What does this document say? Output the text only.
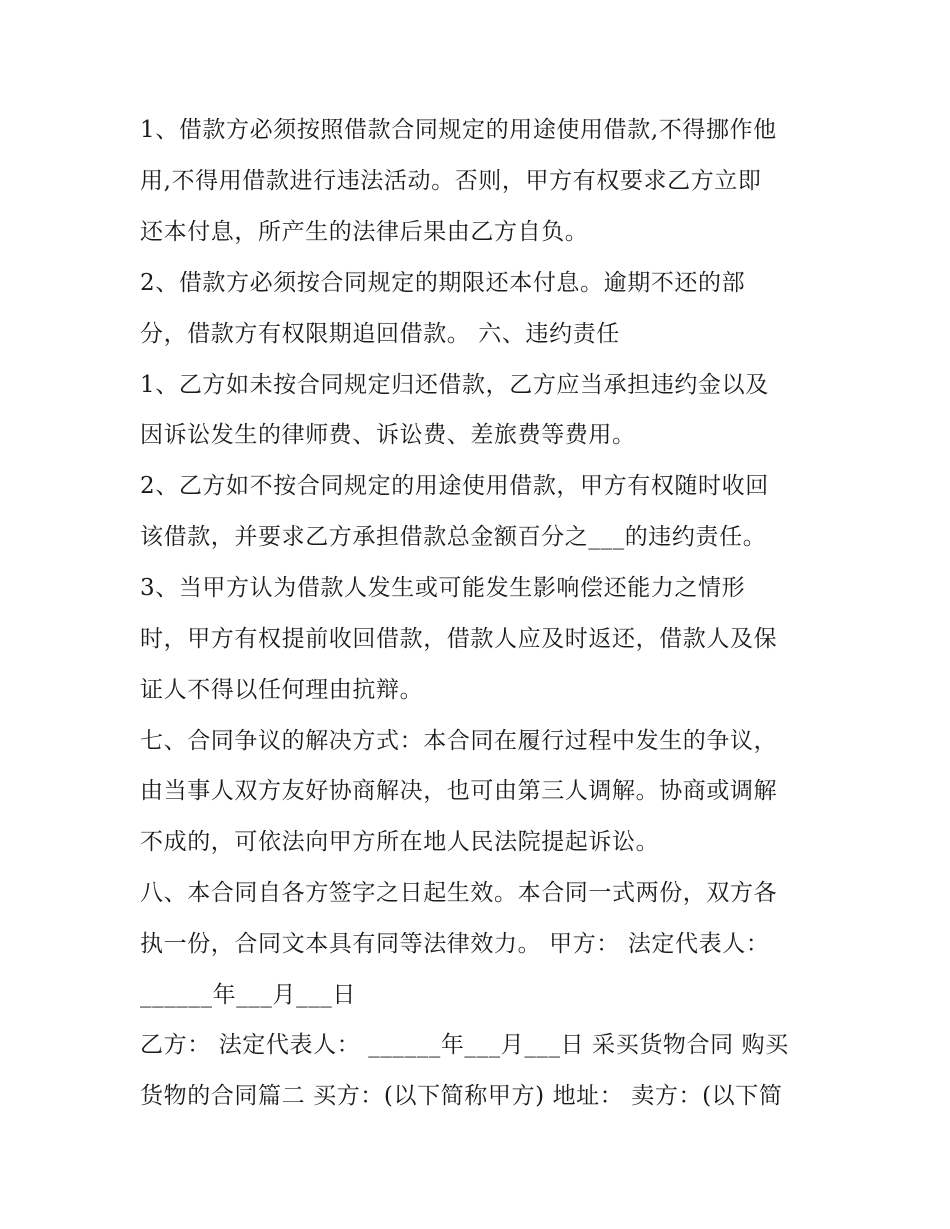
1、借款方必须按照借款合同规定的用途使用借款,不得挪作他
用,不得用借款进行违法活动。否则，甲方有权要求乙方立即
还本付息，所产生的法律后果由乙方自负。
2、借款方必须按合同规定的期限还本付息。逾期不还的部
分，借款方有权限期追回借款。 六、违约责任
1、乙方如未按合同规定归还借款，乙方应当承担违约金以及
因诉讼发生的律师费、诉讼费、差旅费等费用。
2、乙方如不按合同规定的用途使用借款，甲方有权随时收回
该借款，并要求乙方承担借款总金额百分之___的违约责任。
3、当甲方认为借款人发生或可能发生影响偿还能力之情形
时，甲方有权提前收回借款，借款人应及时返还，借款人及保
证人不得以任何理由抗辩。
七、合同争议的解决方式：本合同在履行过程中发生的争议，
由当事人双方友好协商解决，也可由第三人调解。协商或调解
不成的，可依法向甲方所在地人民法院提起诉讼。
八、本合同自各方签字之日起生效。本合同一式两份，双方各
执一份，合同文本具有同等法律效力。 甲方： 法定代表人：
______年___月___日
乙方： 法定代表人： ______年___月___日 采买货物合同 购买
货物的合同篇二 买方：(以下简称甲方) 地址： 卖方：(以下简
